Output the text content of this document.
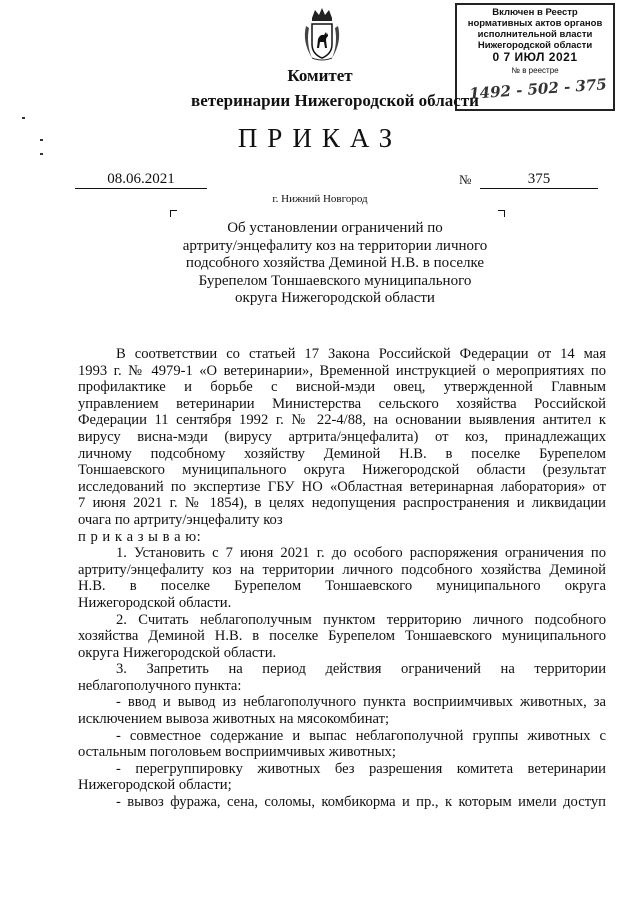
Включен в Реестр
нормативных актов органов
исполнительной власти
Нижегородской области
0 7 ИЮЛ 2021
№ в реестре
1492 - 502 - 375
Комитет
ветеринарии Нижегородской области
ПРИКАЗ
08.06.2021	№	375
г. Нижний Новгород
Об установлении ограничений по
артриту/энцефалиту коз на территории личного
подсобного хозяйства Деминой Н.В. в поселке
Бурепелом Тоншаевского муниципального
округа Нижегородской области
В соответствии со статьей 17 Закона Российской Федерации от 14 мая
1993 г. № 4979-1 «О ветеринарии», Временной инструкцией о мероприятиях по
профилактике и борьбе с висной-мэди овец, утвержденной Главным
управлением ветеринарии Министерства сельского хозяйства Российской
Федерации 11 сентября 1992 г. № 22-4/88, на основании выявления антител к
вирусу висна-мэди (вирусу артрита/энцефалита) от коз, принадлежащих
личному подсобному хозяйству Деминой Н.В. в поселке Бурепелом
Тоншаевского муниципального округа Нижегородской области (результат
исследований по экспертизе ГБУ НО «Областная ветеринарная лаборатория» от
7 июня 2021 г. № 1854), в целях недопущения распространения и ликвидации
очага по артриту/энцефалиту коз
п р и к а з ы в а ю:
1. Установить с 7 июня 2021 г. до особого распоряжения ограничения по
артриту/энцефалиту коз на территории личного подсобного хозяйства Деминой
Н.В. в поселке Бурепелом Тоншаевского муниципального округа
Нижегородской области.
2. Считать неблагополучным пунктом территорию личного подсобного
хозяйства Деминой Н.В. в поселке Бурепелом Тоншаевского муниципального
округа Нижегородской области.
3. Запретить на период действия ограничений на территории
неблагополучного пункта:
- ввод и вывод из неблагополучного пункта восприимчивых животных, за
исключением вывоза животных на мясокомбинат;
- совместное содержание и выпас неблагополучной группы животных с
остальным поголовьем восприимчивых животных;
- перегруппировку животных без разрешения комитета ветеринарии
Нижегородской области;
- вывоз фуража, сена, соломы, комбикорма и пр., к которым имели доступ
